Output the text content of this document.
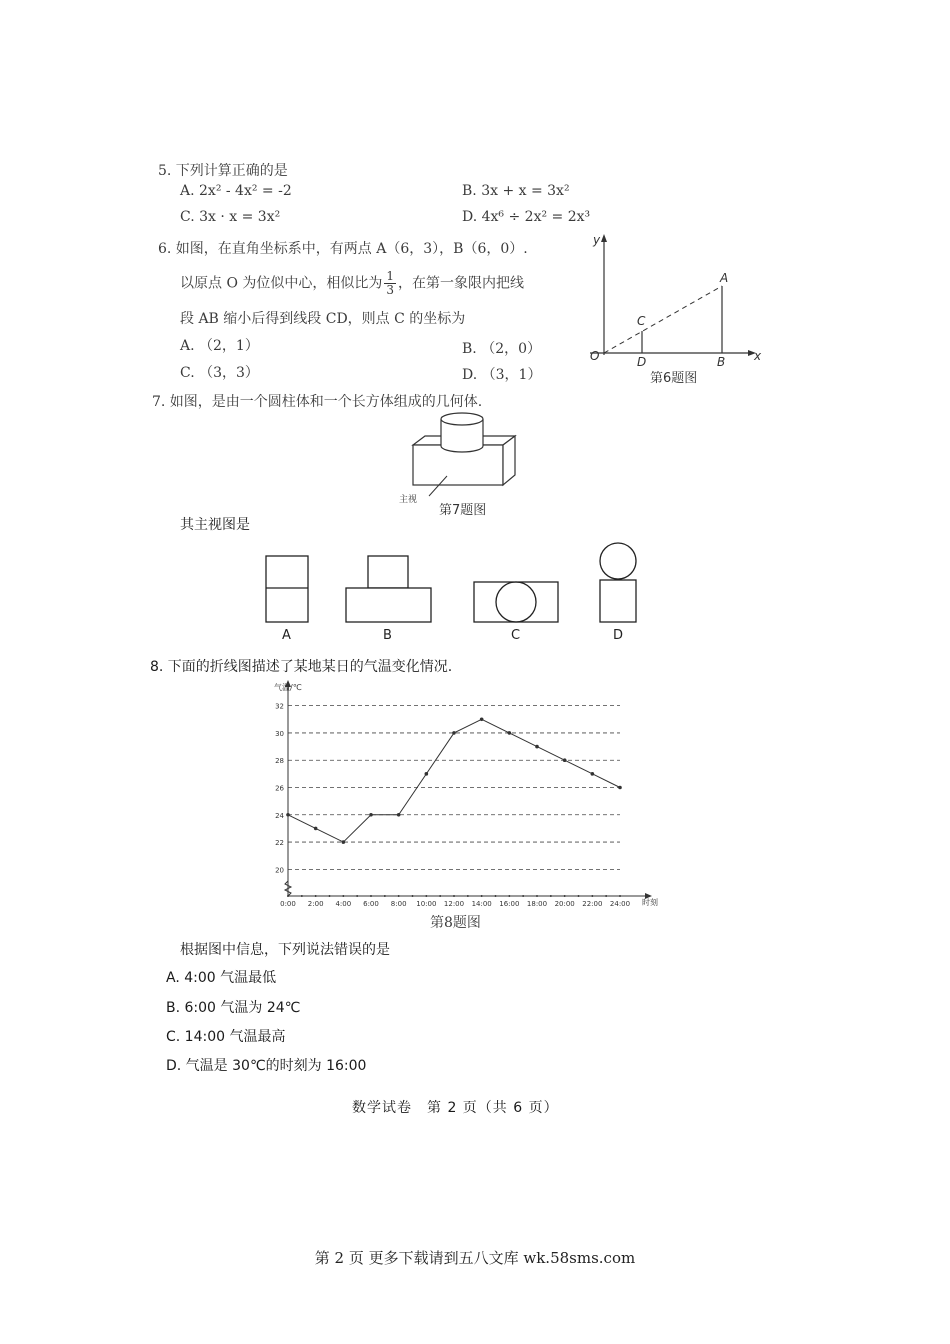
5. 下列计算正确的是
A. 2x² - 4x² = -2	B. 3x + x = 3x²
C. 3x · x = 3x²	D. 4x⁶ ÷ 2x² = 2x³
6. 如图，在直角坐标系中，有两点 A（6，3），B（6，0）.
以原点 O 为位似中心，相似比为 $\frac{1}{3}$ ，在第一象限内把线
段 AB 缩小后得到线段 CD，则点 C 的坐标为
A. （2，1）	B. （2，0）
C. （3，3）	D. （3，1）
y
x
A
C
O	D	B
第6题图
7. 如图，是由一个圆柱体和一个长方体组成的几何体.
主视
第7题图
其主视图是
A	B	C	D
8. 下面的折线图描述了某地某日的气温变化情况.
20
22
24
26
28
30
32
0:00 2:00 4:00 6:00 8:00 10:00 12:00 14:00 16:00 18:00 20:00 22:00 24:00
气温/℃
时刻
第8题图
根据图中信息，下列说法错误的是
A. 4:00 气温最低
B. 6:00 气温为 24℃
C. 14:00 气温最高
D. 气温是 30℃的时刻为 16:00
数学试卷　第 2 页（共 6 页）
第 2 页 更多下载请到五八文库 wk.58sms.com
